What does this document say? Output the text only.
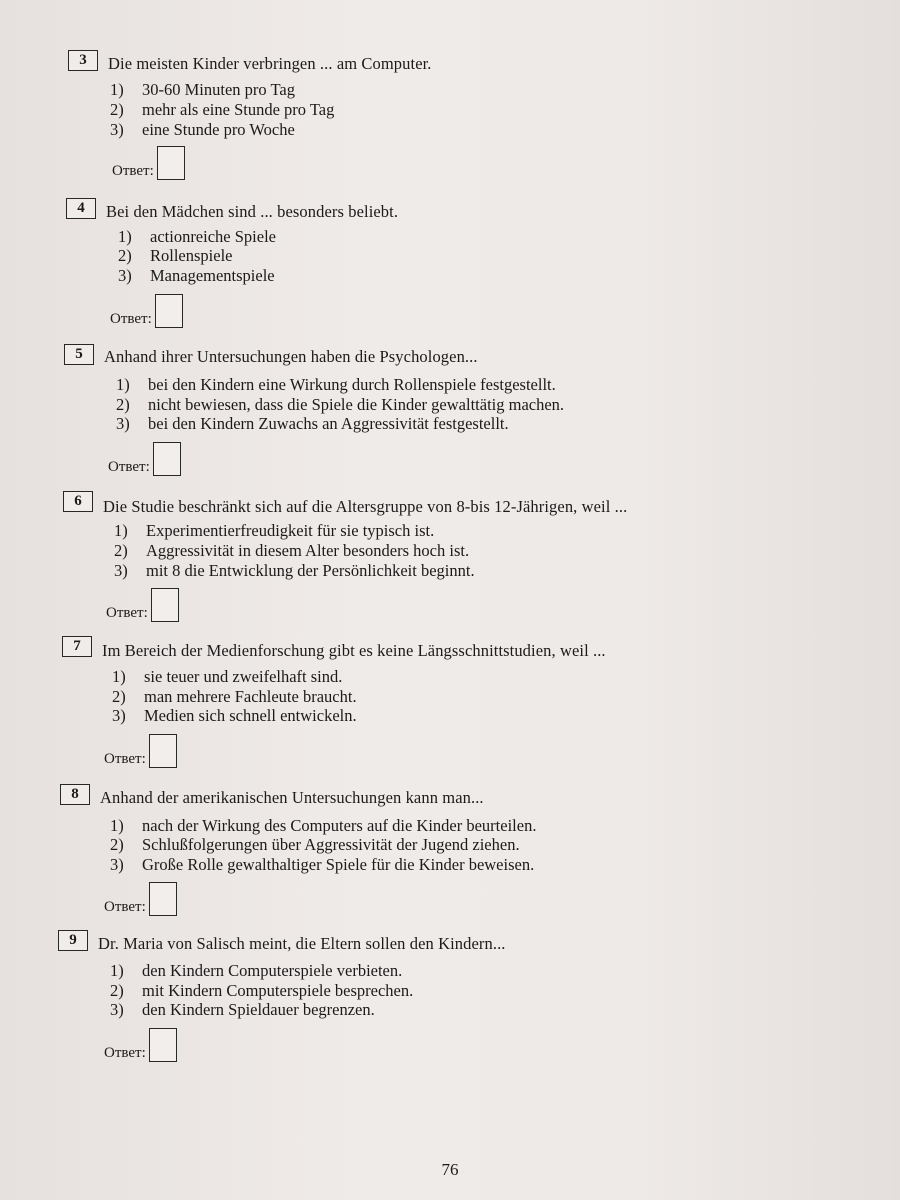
3	Die meisten Kinder verbringen ... am Computer.
1) 30-60 Minuten pro Tag
2) mehr als eine Stunde pro Tag
3) eine Stunde pro Woche
Ответ:
4	Bei den Mädchen sind ... besonders beliebt.
1) actionreiche Spiele
2) Rollenspiele
3) Managementspiele
Ответ:
5	Anhand ihrer Untersuchungen haben die Psychologen...
1) bei den Kindern eine Wirkung durch Rollenspiele festgestellt.
2) nicht bewiesen, dass die Spiele die Kinder gewalttätig machen.
3) bei den Kindern Zuwachs an Aggressivität festgestellt.
Ответ:
6	Die Studie beschränkt sich auf die Altersgruppe von 8-bis 12-Jährigen, weil ...
1) Experimentierfreudigkeit für sie typisch ist.
2) Aggressivität in diesem Alter besonders hoch ist.
3) mit 8 die Entwicklung der Persönlichkeit beginnt.
Ответ:
7	Im Bereich der Medienforschung gibt es keine Längsschnittstudien, weil ...
1) sie teuer und zweifelhaft sind.
2) man mehrere Fachleute braucht.
3) Medien sich schnell entwickeln.
Ответ:
8	Anhand der amerikanischen Untersuchungen kann man...
1) nach der Wirkung des Computers auf die Kinder beurteilen.
2) Schlußfolgerungen über Aggressivität der Jugend ziehen.
3) Große Rolle gewalthaltiger Spiele für die Kinder beweisen.
Ответ:
9	Dr. Maria von Salisch meint, die Eltern sollen den Kindern...
1) den Kindern Computerspiele verbieten.
2) mit Kindern Computerspiele besprechen.
3) den Kindern Spieldauer begrenzen.
Ответ:
76
